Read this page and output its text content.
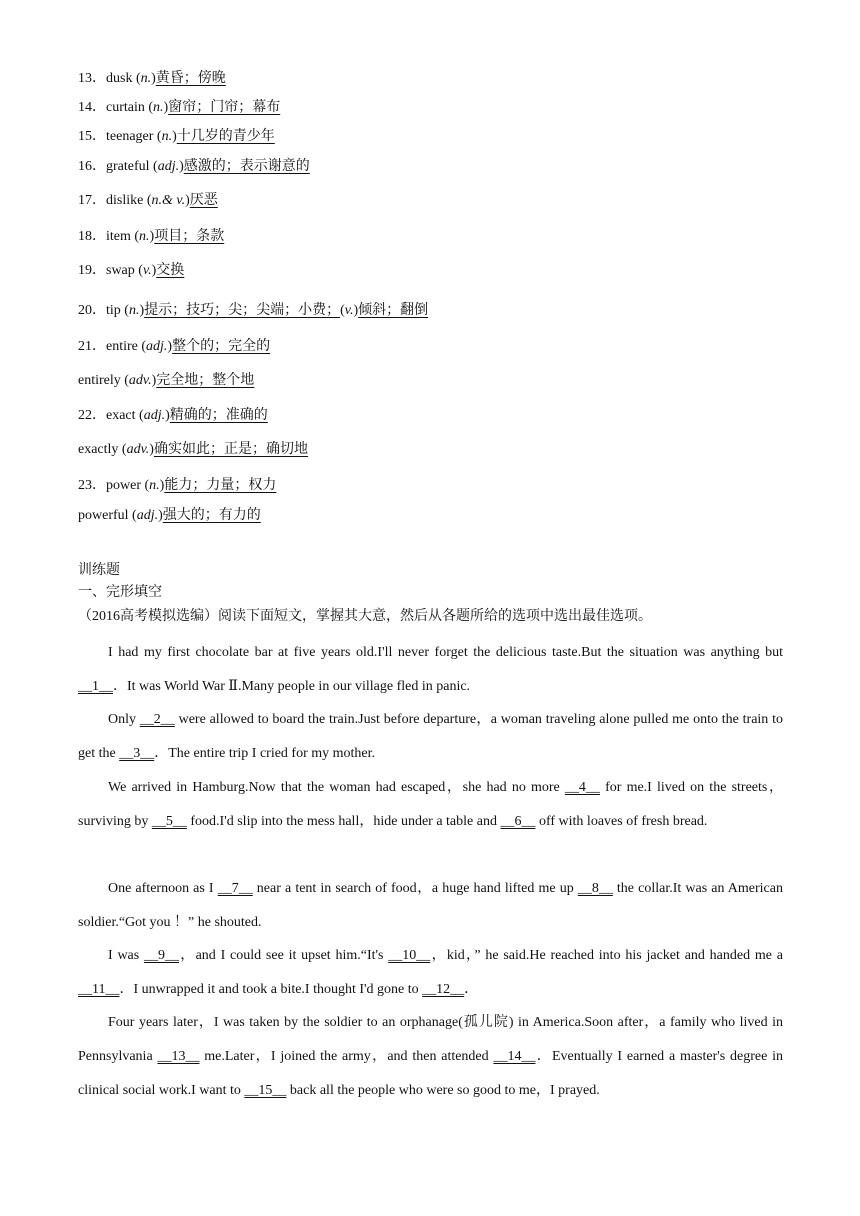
13．dusk (n.)黄昏；傍晚
14．curtain (n.)窗帘；门帘；幕布
15．teenager (n.)十几岁的青少年
16．grateful (adj.)感激的；表示谢意的
17．dislike (n.& v.)厌恶
18．item (n.)项目；条款
19．swap (v.)交换
20．tip (n.)提示；技巧；尖；尖端；小费；(v.)倾斜；翻倒
21．entire (adj.)整个的；完全的
entirely (adv.)完全地；整个地
22．exact (adj.)精确的；准确的
exactly (adv.)确实如此；正是；确切地
23．power (n.)能力；力量；权力
powerful (adj.)强大的；有力的
训练题
一、完形填空
（2016高考模拟选编）阅读下面短文，掌握其大意，然后从各题所给的选项中选出最佳选项。
I had my first chocolate bar at five years old.I'll never forget the delicious taste.But the situation was anything but __1__．It was World War Ⅱ.Many people in our village fled in panic.
Only __2__ were allowed to board the train.Just before departure，a woman traveling alone pulled me onto the train to get the __3__．The entire trip I cried for my mother.
We arrived in Hamburg.Now that the woman had escaped，she had no more __4__ for me.I lived on the streets，surviving by __5__ food.I'd slip into the mess hall，hide under a table and __6__ off with loaves of fresh bread.
One afternoon as I __7__ near a tent in search of food，a huge hand lifted me up __8__ the collar.It was an American soldier.“Got you ！” he shouted.
I was __9__，and I could see it upset him.“It's __10__，kid，” he said.He reached into his jacket and handed me a __11__．I unwrapped it and took a bite.I thought I'd gone to __12__．
Four years later，I was taken by the soldier to an orphanage(孤儿院) in America.Soon after，a family who lived in Pennsylvania __13__ me.Later，I joined the army，and then attended __14__．Eventually I earned a master's degree in clinical social work.I want to __15__ back all the people who were so good to me，I prayed.
